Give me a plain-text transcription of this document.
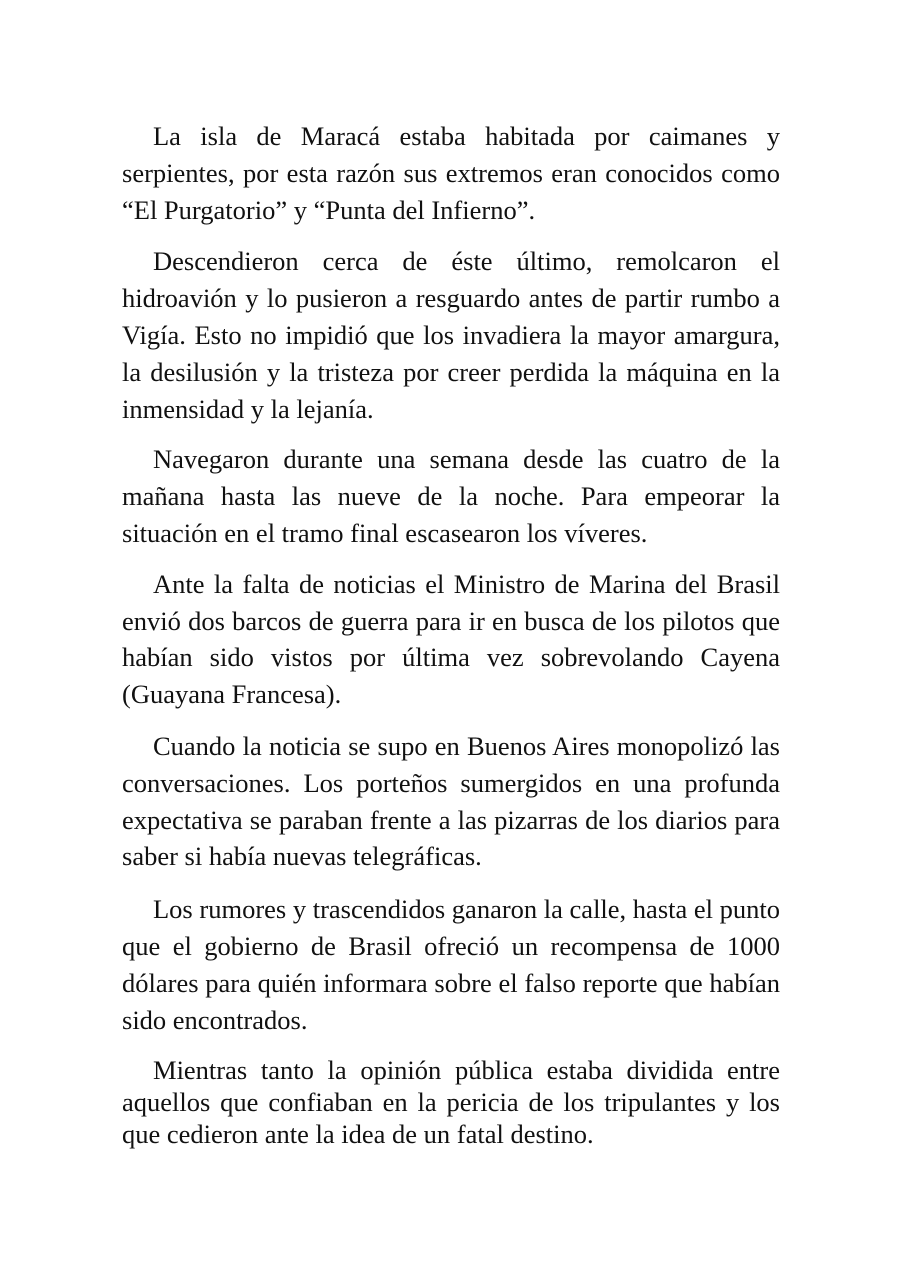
La isla de Maracá estaba habitada por caimanes y serpientes, por esta razón sus extremos eran conocidos como “El Purgatorio” y “Punta del Infierno”.

Descendieron cerca de éste último, remolcaron el hidroavión y lo pusieron a resguardo antes de partir rumbo a Vigía. Esto no impidió que los invadiera la mayor amargura, la desilusión y la tristeza por creer perdida la máquina en la inmensidad y la lejanía.

Navegaron durante una semana desde las cuatro de la mañana hasta las nueve de la noche. Para empeorar la situación en el tramo final escasearon los víveres.

Ante la falta de noticias el Ministro de Marina del Brasil envió dos barcos de guerra para ir en busca de los pilotos que habían sido vistos por última vez sobrevolando Cayena (Guayana Francesa).

Cuando la noticia se supo en Buenos Aires monopolizó las conversaciones. Los porteños sumergidos en una profunda expectativa se paraban frente a las pizarras de los diarios para saber si había nuevas telegráficas.

Los rumores y trascendidos ganaron la calle, hasta el punto que el gobierno de Brasil ofreció un recompensa de 1000 dólares para quién informara sobre el falso reporte que habían sido encontrados.

Mientras tanto la opinión pública estaba dividida entre aquellos que confiaban en la pericia de los tripulantes y los que cedieron ante la idea de un fatal destino.
